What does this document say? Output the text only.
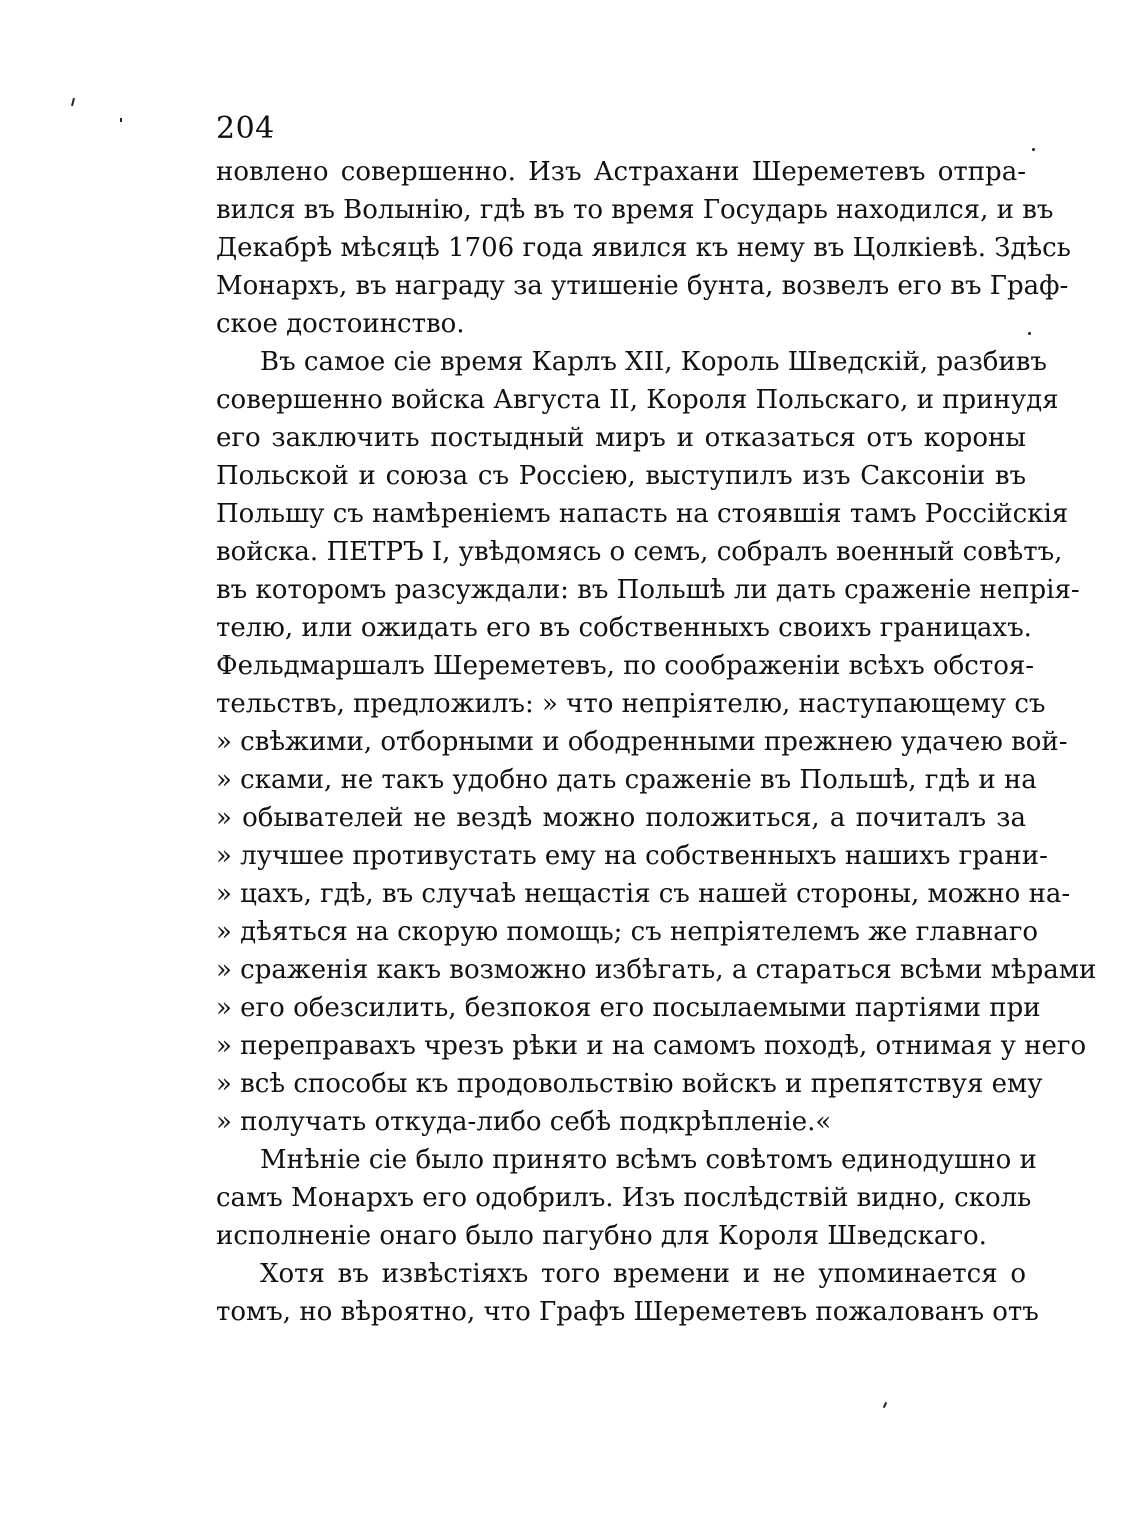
204
новлено совершенно. Изъ Астрахани Шереметевъ отпра-
вился въ Волынію, гдѣ въ то время Государь находился, и въ
Декабрѣ мѣсяцѣ 1706 года явился къ нему въ Цолкіевѣ. Здѣсь
Монархъ, въ награду за утишеніе бунта, возвелъ его въ Граф-
ское достоинство.
Въ самое сіе время Карлъ XII, Король Шведскій, разбивъ
совершенно войска Августа II, Короля Польскаго, и принудя
его заключить постыдный миръ и отказаться отъ короны
Польской и союза съ Россіею, выступилъ изъ Саксоніи въ
Польшу съ намѣреніемъ напасть на стоявшія тамъ Россійскія
войска. ПЕТРЪ I, увѣдомясь о семъ, собралъ военный совѣтъ,
въ которомъ разсуждали: въ Польшѣ ли дать сраженіе непрія-
телю, или ожидать его въ собственныхъ своихъ границахъ.
Фельдмаршалъ Шереметевъ, по соображеніи всѣхъ обстоя-
тельствъ, предложилъ: » что непріятелю, наступающему съ
» свѣжими, отборными и ободренными прежнею удачею вой-
» сками, не такъ удобно дать сраженіе въ Польшѣ, гдѣ и на
» обывателей не вездѣ можно положиться, а почиталъ за
» лучшее противустать ему на собственныхъ нашихъ грани-
» цахъ, гдѣ, въ случаѣ нещастія съ нашей стороны, можно на-
» дѣяться на скорую помощь; съ непріятелемъ же главнаго
» сраженія какъ возможно избѣгать, а стараться всѣми мѣрами
» его обезсилить, безпокоя его посылаемыми партіями при
» переправахъ чрезъ рѣки и на самомъ походѣ, отнимая у него
» всѣ способы къ продовольствію войскъ и препятствуя ему
» получать откуда-либо себѣ подкрѣпленіе.«
Мнѣніе сіе было принято всѣмъ совѣтомъ единодушно и
самъ Монархъ его одобрилъ. Изъ послѣдствій видно, сколь
исполненіе онаго было пагубно для Короля Шведскаго.
Хотя въ извѣстіяхъ того времени и не упоминается о
томъ, но вѣроятно, что Графъ Шереметевъ пожалованъ отъ
